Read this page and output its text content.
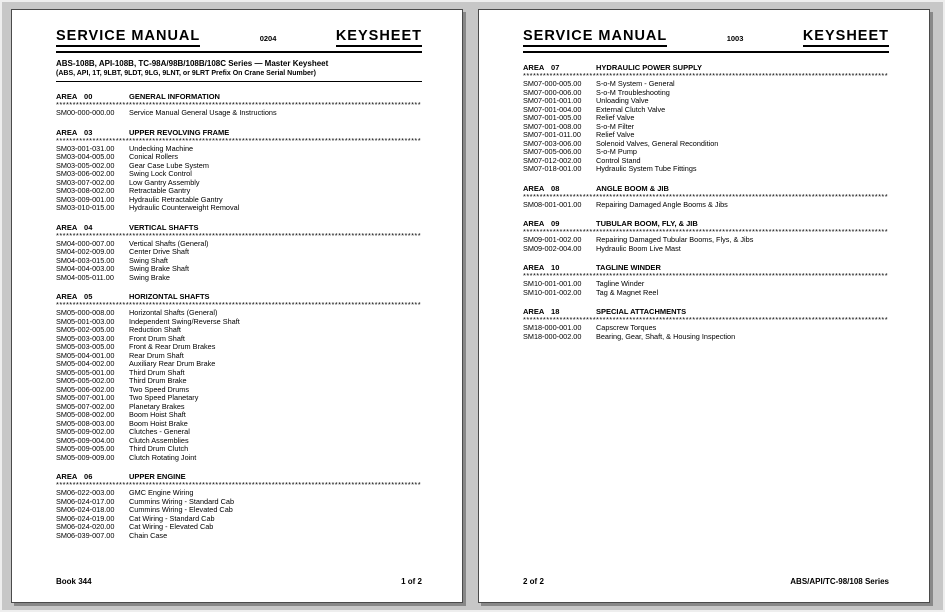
SERVICE MANUAL	0204	KEYSHEET
ABS-108B, API-108B, TC-98A/98B/108B/108C Series — Master Keysheet
(ABS, API, 1T, 9LBT, 9LDT, 9LG, 9LNT, or 9LRT Prefix On Crane Serial Number)
AREA 00	GENERAL INFORMATION
**************************************************************************************************************
SM00-000-000.00	Service Manual General Usage & Instructions
AREA 03	UPPER REVOLVING FRAME
**************************************************************************************************************
SM03-001-031.00	Undecking Machine
SM03-004-005.00	Conical Rollers
SM03-005-002.00	Gear Case Lube System
SM03-006-002.00	Swing Lock Control
SM03-007-002.00	Low Gantry Assembly
SM03-008-002.00	Retractable Gantry
SM03-009-001.00	Hydraulic Retractable Gantry
SM03-010-015.00	Hydraulic Counterweight Removal
AREA 04	VERTICAL SHAFTS
**************************************************************************************************************
SM04-000-007.00	Vertical Shafts (General)
SM04-002-009.00	Center Drive Shaft
SM04-003-015.00	Swing Shaft
SM04-004-003.00	Swing Brake Shaft
SM04-005-011.00	Swing Brake
AREA 05	HORIZONTAL SHAFTS
**************************************************************************************************************
SM05-000-008.00	Horizontal Shafts (General)
SM05-001-003.00	Independent Swing/Reverse Shaft
SM05-002-005.00	Reduction Shaft
SM05-003-003.00	Front Drum Shaft
SM05-003-005.00	Front & Rear Drum Brakes
SM05-004-001.00	Rear Drum Shaft
SM05-004-002.00	Auxiliary Rear Drum Brake
SM05-005-001.00	Third Drum Shaft
SM05-005-002.00	Third Drum Brake
SM05-006-002.00	Two Speed Drums
SM05-007-001.00	Two Speed Planetary
SM05-007-002.00	Planetary Brakes
SM05-008-002.00	Boom Hoist Shaft
SM05-008-003.00	Boom Hoist Brake
SM05-009-002.00	Clutches - General
SM05-009-004.00	Clutch Assemblies
SM05-009-005.00	Third Drum Clutch
SM05-009-009.00	Clutch Rotating Joint
AREA 06	UPPER ENGINE
**************************************************************************************************************
SM06-022-003.00	GMC Engine Wiring
SM06-024-017.00	Cummins Wiring - Standard Cab
SM06-024-018.00	Cummins Wiring - Elevated Cab
SM06-024-019.00	Cat Wiring - Standard Cab
SM06-024-020.00	Cat Wiring - Elevated Cab
SM06-039-007.00	Chain Case
Book 344	1 of 2
SERVICE MANUAL	1003	KEYSHEET
AREA 07	HYDRAULIC POWER SUPPLY
**************************************************************************************************************
SM07-000-005.00	S-o-M System - General
SM07-000-006.00	S-o-M Troubleshooting
SM07-001-001.00	Unloading Valve
SM07-001-004.00	External Clutch Valve
SM07-001-005.00	Relief Valve
SM07-001-008.00	S-o-M Filter
SM07-001-011.00	Relief Valve
SM07-003-006.00	Solenoid Valves, General Recondition
SM07-005-006.00	S-o-M Pump
SM07-012-002.00	Control Stand
SM07-018-001.00	Hydraulic System Tube Fittings
AREA 08	ANGLE BOOM & JIB
**************************************************************************************************************
SM08-001-001.00	Repairing Damaged Angle Booms & Jibs
AREA 09	TUBULAR BOOM, FLY, & JIB
**************************************************************************************************************
SM09-001-002.00	Repairing Damaged Tubular Booms, Flys, & Jibs
SM09-002-004.00	Hydraulic Boom Live Mast
AREA 10	TAGLINE WINDER
**************************************************************************************************************
SM10-001-001.00	Tagline Winder
SM10-001-002.00	Tag & Magnet Reel
AREA 18	SPECIAL ATTACHMENTS
**************************************************************************************************************
SM18-000-001.00	Capscrew Torques
SM18-000-002.00	Bearing, Gear, Shaft, & Housing Inspection
2 of 2	ABS/API/TC-98/108 Series
